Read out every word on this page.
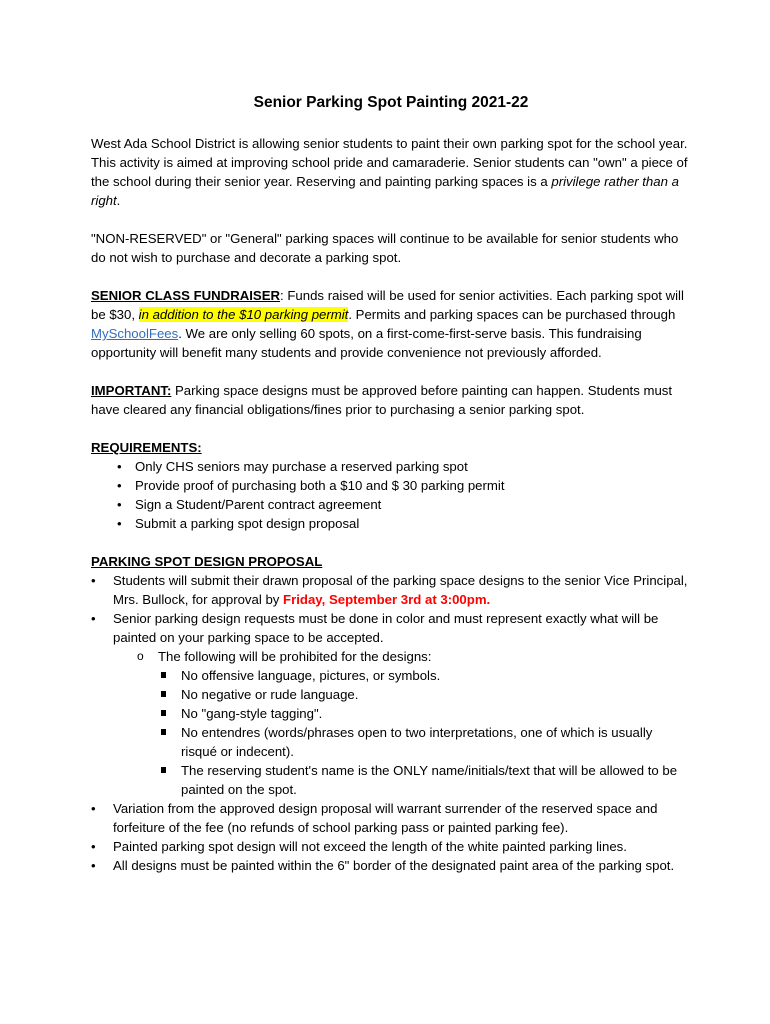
Senior Parking Spot Painting 2021-22

West Ada School District is allowing senior students to paint their own parking spot for the school year. This activity is aimed at improving school pride and camaraderie. Senior students can "own" a piece of the school during their senior year. Reserving and painting parking spaces is a privilege rather than a right.

"NON-RESERVED" or "General" parking spaces will continue to be available for senior students who do not wish to purchase and decorate a parking spot.

SENIOR CLASS FUNDRAISER: Funds raised will be used for senior activities. Each parking spot will be $30, in addition to the $10 parking permit. Permits and parking spaces can be purchased through MySchoolFees. We are only selling 60 spots, on a first-come-first-serve basis. This fundraising opportunity will benefit many students and provide convenience not previously afforded.

IMPORTANT: Parking space designs must be approved before painting can happen. Students must have cleared any financial obligations/fines prior to purchasing a senior parking spot.

REQUIREMENTS:

• Only CHS seniors may purchase a reserved parking spot
• Provide proof of purchasing both a $10 and $ 30 parking permit
• Sign a Student/Parent contract agreement
• Submit a parking spot design proposal

PARKING SPOT DESIGN PROPOSAL

• Students will submit their drawn proposal of the parking space designs to the senior Vice Principal, Mrs. Bullock, for approval by Friday, September 3rd at 3:00pm.
• Senior parking design requests must be done in color and must represent exactly what will be painted on your parking space to be accepted.
o The following will be prohibited for the designs:
No offensive language, pictures, or symbols.
No negative or rude language.
No "gang-style tagging".
No entendres (words/phrases open to two interpretations, one of which is usually risqué or indecent).
The reserving student's name is the ONLY name/initials/text that will be allowed to be painted on the spot.
• Variation from the approved design proposal will warrant surrender of the reserved space and forfeiture of the fee (no refunds of school parking pass or painted parking fee).
• Painted parking spot design will not exceed the length of the white painted parking lines.
• All designs must be painted within the 6" border of the designated paint area of the parking spot.
